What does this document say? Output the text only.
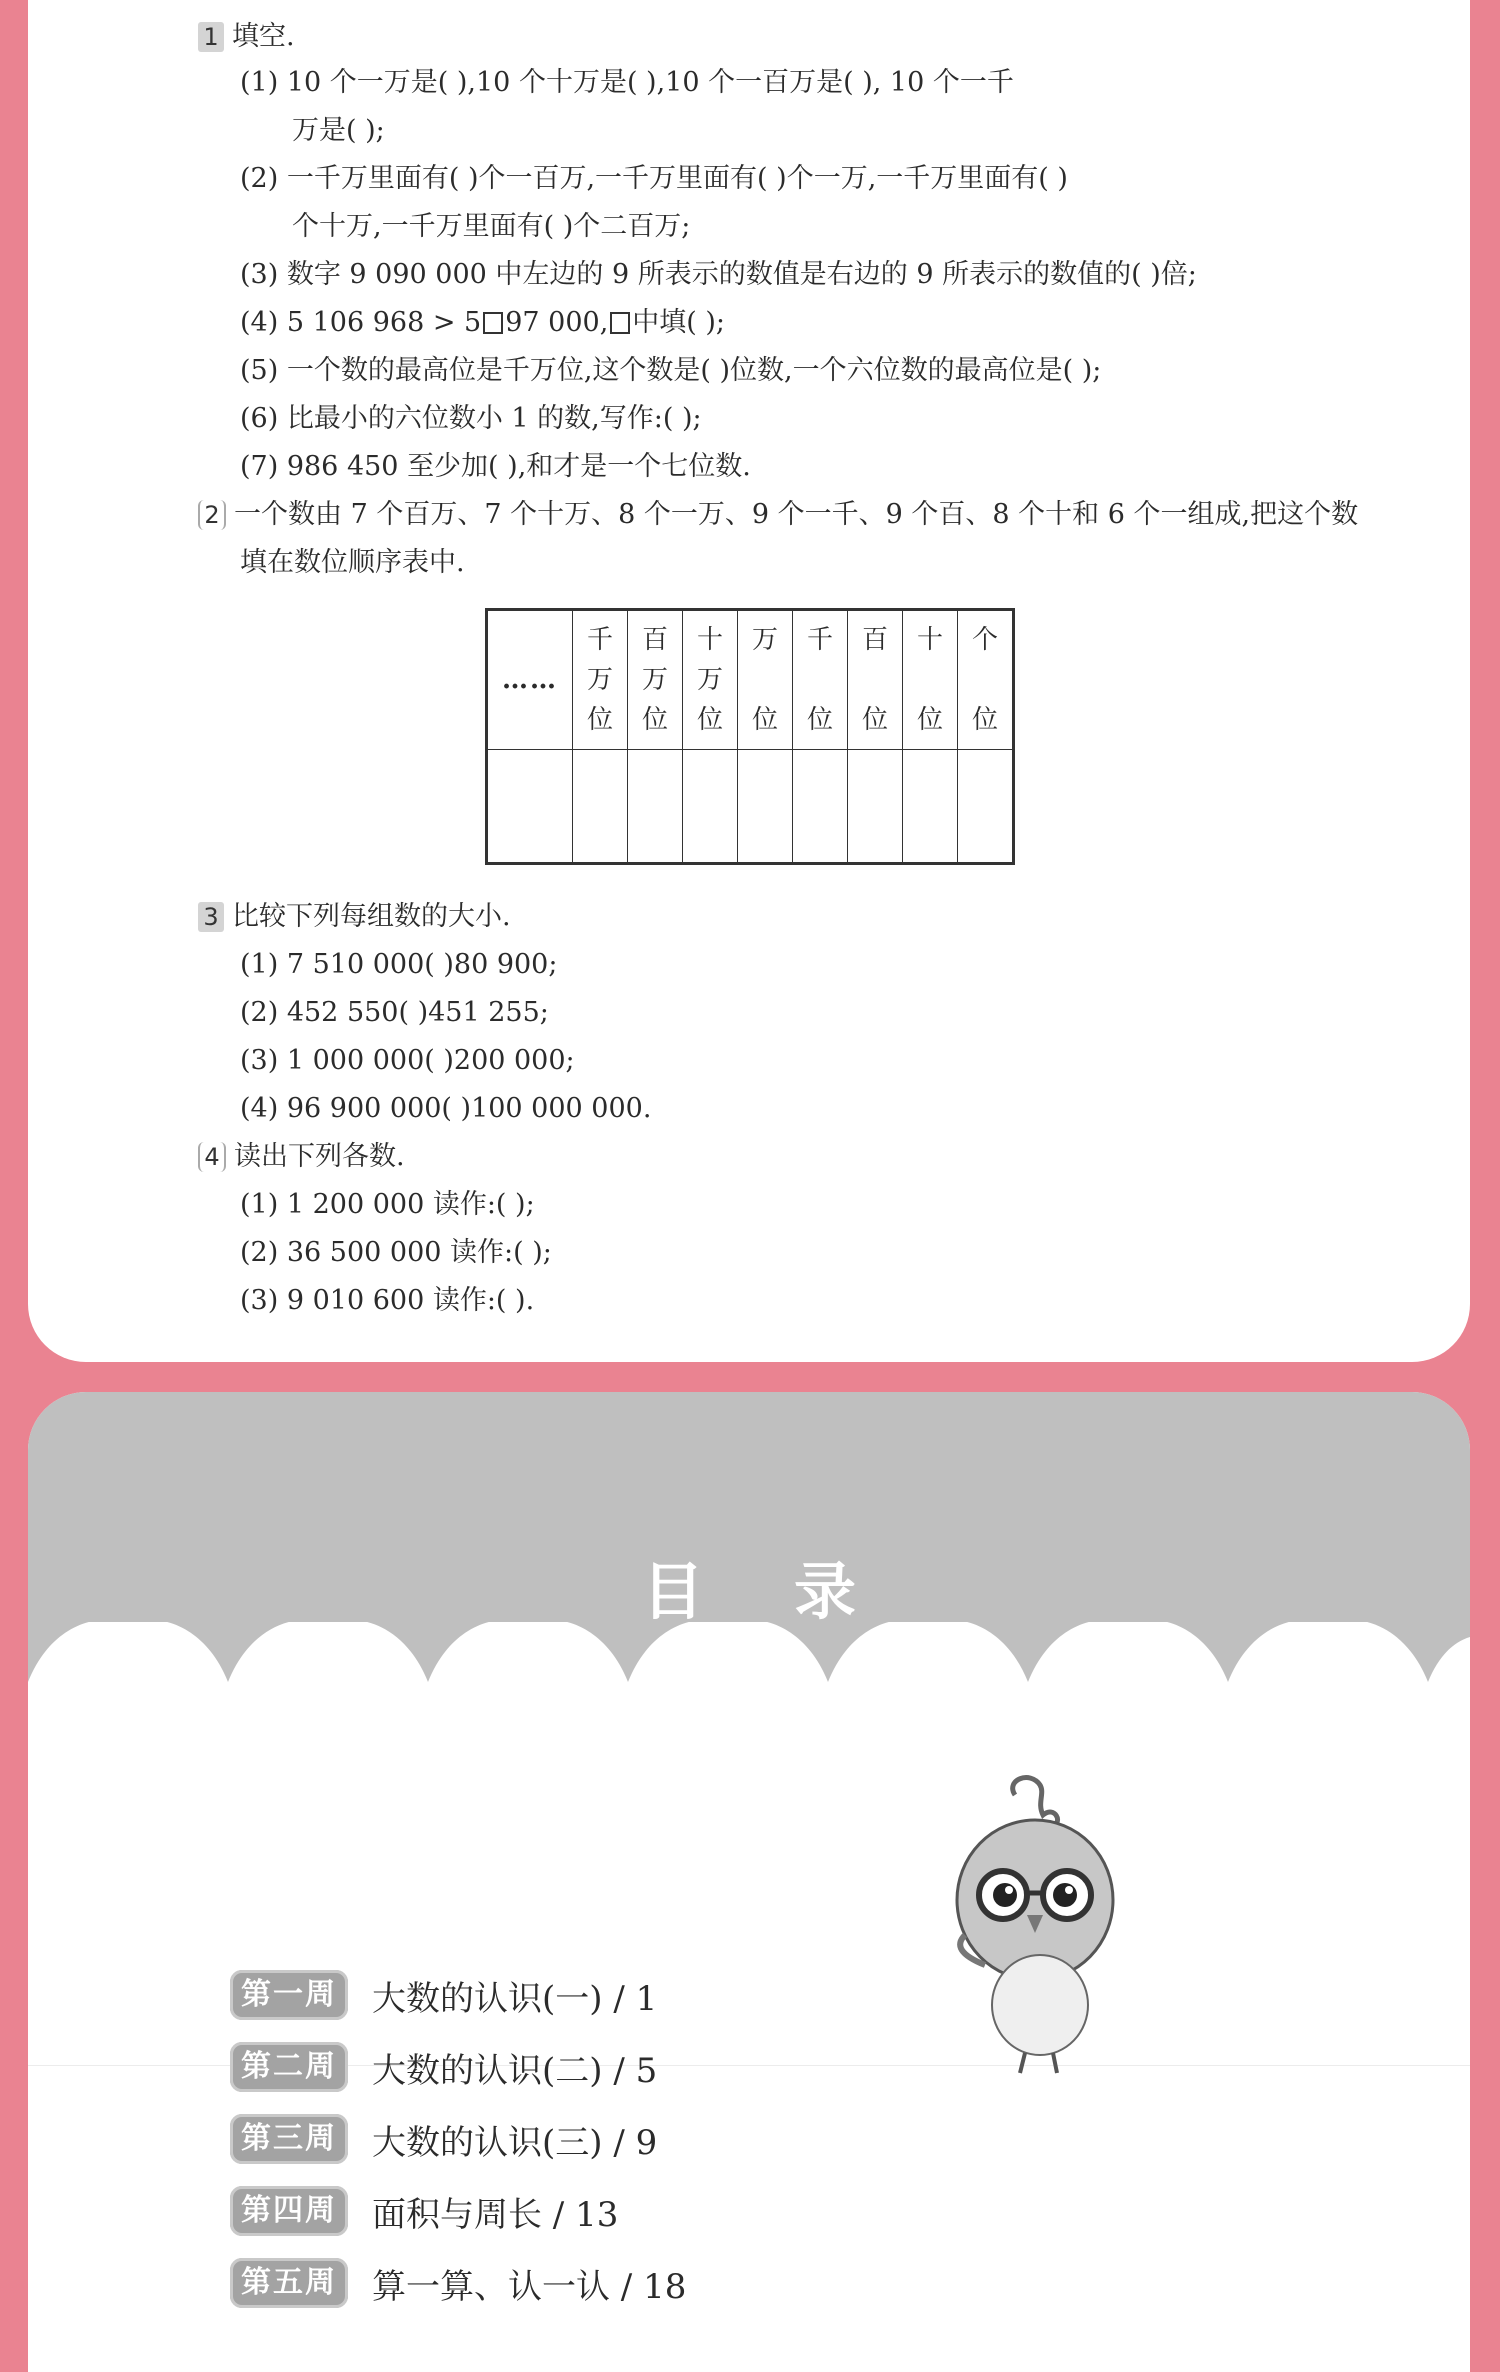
1 填空.
(1) 10 个一万是( ),10 个十万是( ),10 个一百万是( ), 10 个一千
万是( );
(2) 一千万里面有( )个一百万,一千万里面有( )个一万,一千万里面有( )
个十万,一千万里面有( )个二百万;
(3) 数字 9 090 000 中左边的 9 所表示的数值是右边的 9 所表示的数值的( )倍;
(4) 5 106 968 > 5 97 000, 中填( );
(5) 一个数的最高位是千万位,这个数是( )位数,一个六位数的最高位是( );
(6) 比最小的六位数小 1 的数,写作:( );
(7) 986 450 至少加( ),和才是一个七位数.
2 一个数由 7 个百万、7 个十万、8 个一万、9 个一千、9 个百、8 个十和 6 个一组成,把这个数
填在数位顺序表中.
……	千
万
位	百
万
位	十
万
位	万
位	千
位	百
位	十
位	个
位

3 比较下列每组数的大小.
(1) 7 510 000( )80 900;
(2) 452 550( )451 255;
(3) 1 000 000( )200 000;
(4) 96 900 000( )100 000 000.
4 读出下列各数.
(1) 1 200 000 读作:( );
(2) 36 500 000 读作:( );
(3) 9 010 600 读作:( ).
目录
第一周	大数的认识(一) / 1
第二周	大数的认识(二) / 5
第三周	大数的认识(三) / 9
第四周	面积与周长 / 13
第五周	算一算、认一认 / 18
